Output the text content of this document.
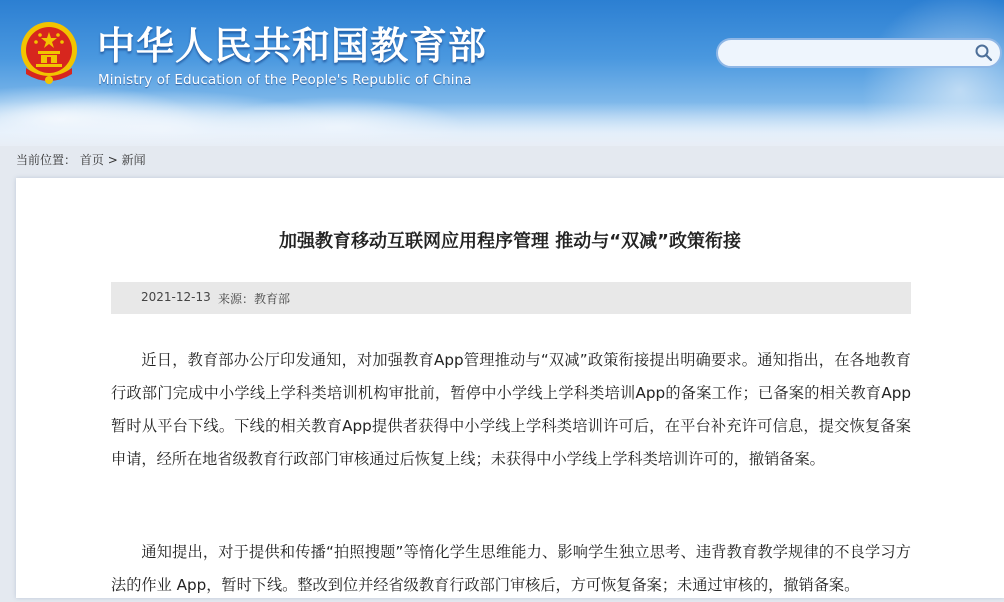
中华人民共和国教育部
Ministry of Education of the People's Republic of China
当前位置： 首页 > 新闻
加强教育移动互联网应用程序管理 推动与“双减”政策衔接
2021-12-13 来源： 教育部

近日，教育部办公厅印发通知，对加强教育App管理推动与“双减”政策衔接提出明确要求。通知指出，在各地教育行政部门完成中小学线上学科类培训机构审批前，暂停中小学线上学科类培训App的备案工作；已备案的相关教育App暂时从平台下线。下线的相关教育App提供者获得中小学线上学科类培训许可后，在平台补充许可信息，提交恢复备案申请，经所在地省级教育行政部门审核通过后恢复上线；未获得中小学线上学科类培训许可的，撤销备案。

通知提出，对于提供和传播“拍照搜题”等惰化学生思维能力、影响学生独立思考、违背教育教学规律的不良学习方法的作业 App，暂时下线。整改到位并经省级教育行政部门审核后，方可恢复备案；未通过审核的，撤销备案。
